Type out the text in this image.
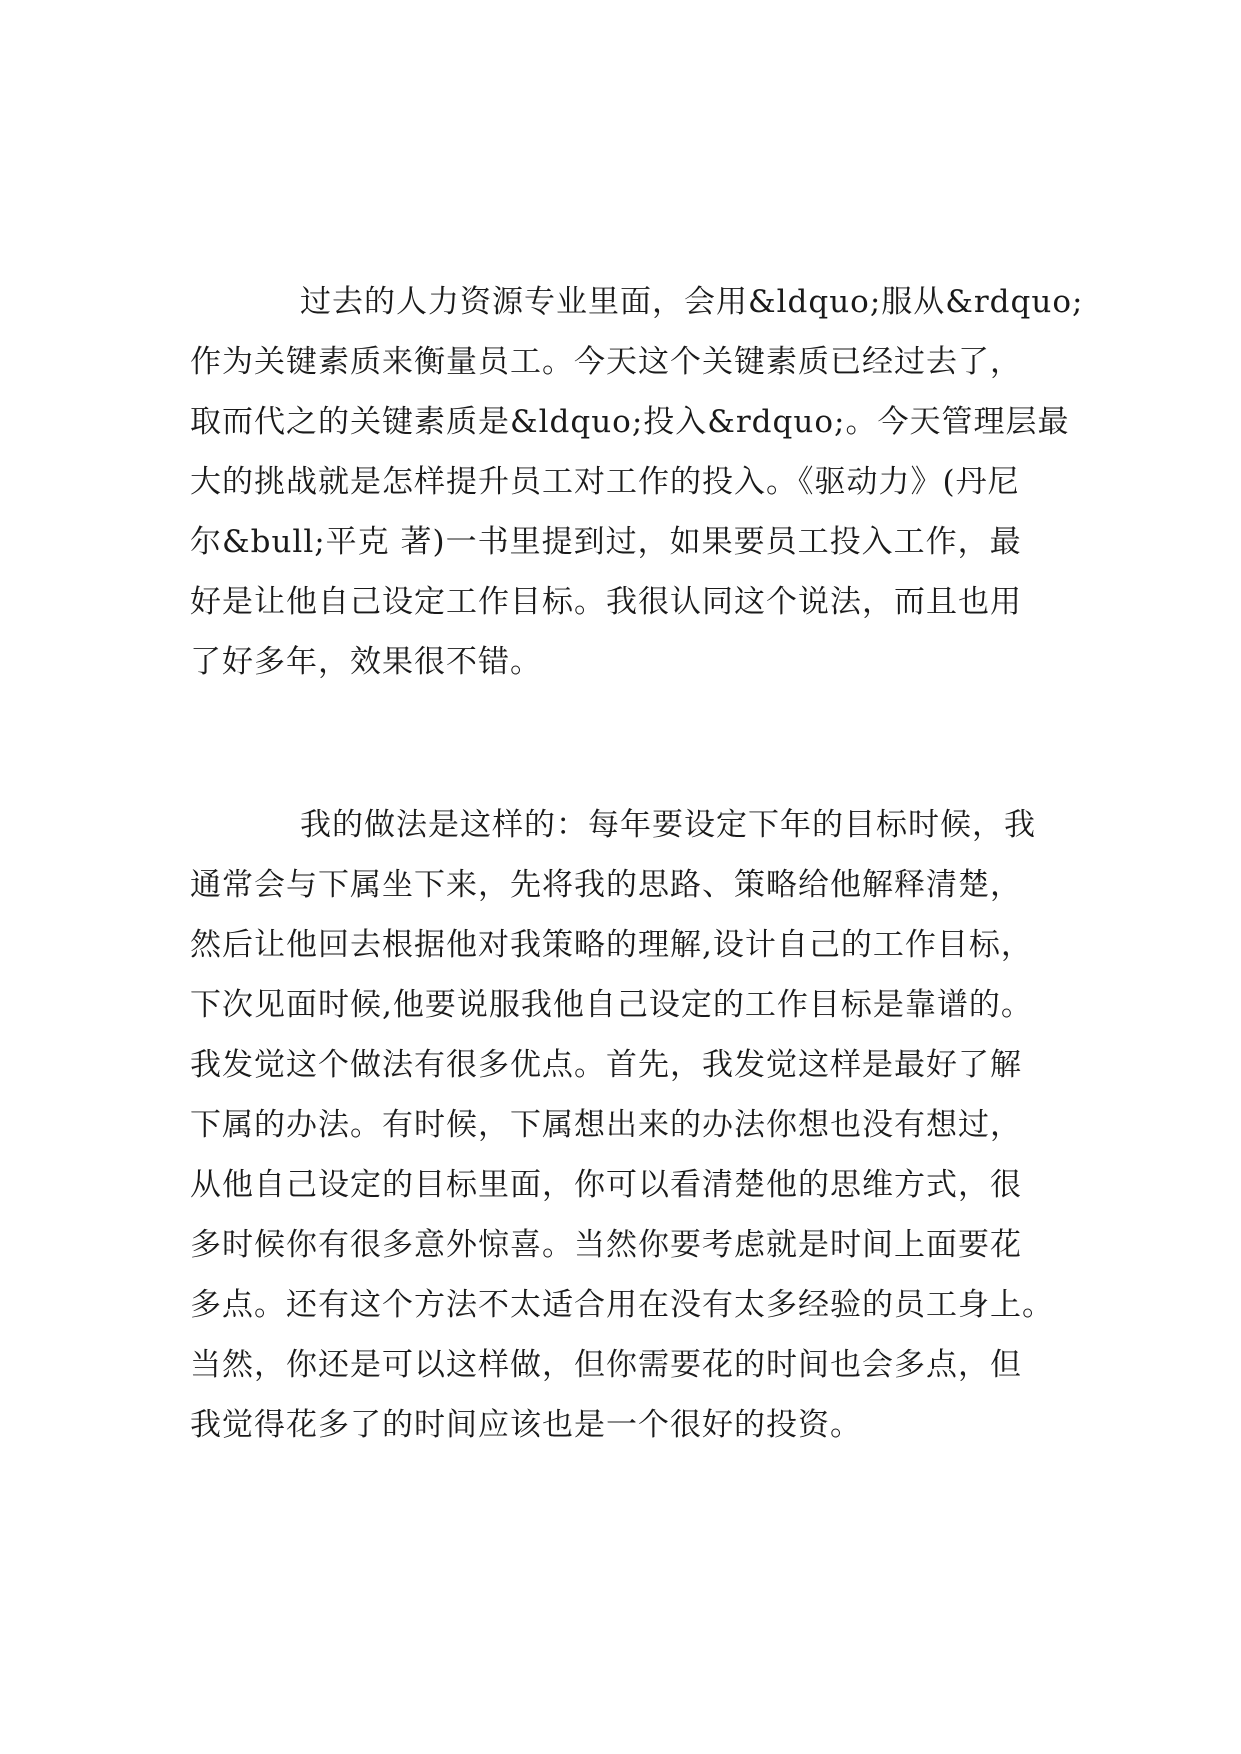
过去的人力资源专业里面，会用&ldquo;服从&rdquo;
作为关键素质来衡量员工。今天这个关键素质已经过去了，
取而代之的关键素质是&ldquo;投入&rdquo;。今天管理层最
大的挑战就是怎样提升员工对工作的投入。《驱动力》(丹尼
尔&bull;平克 著)一书里提到过，如果要员工投入工作，最
好是让他自己设定工作目标。我很认同这个说法，而且也用
了好多年，效果很不错。
我的做法是这样的：每年要设定下年的目标时候，我
通常会与下属坐下来，先将我的思路、策略给他解释清楚，
然后让他回去根据他对我策略的理解,设计自己的工作目标，
下次见面时候,他要说服我他自己设定的工作目标是靠谱的。
我发觉这个做法有很多优点。首先，我发觉这样是最好了解
下属的办法。有时候，下属想出来的办法你想也没有想过，
从他自己设定的目标里面，你可以看清楚他的思维方式，很
多时候你有很多意外惊喜。当然你要考虑就是时间上面要花
多点。还有这个方法不太适合用在没有太多经验的员工身上。
当然，你还是可以这样做，但你需要花的时间也会多点，但
我觉得花多了的时间应该也是一个很好的投资。
